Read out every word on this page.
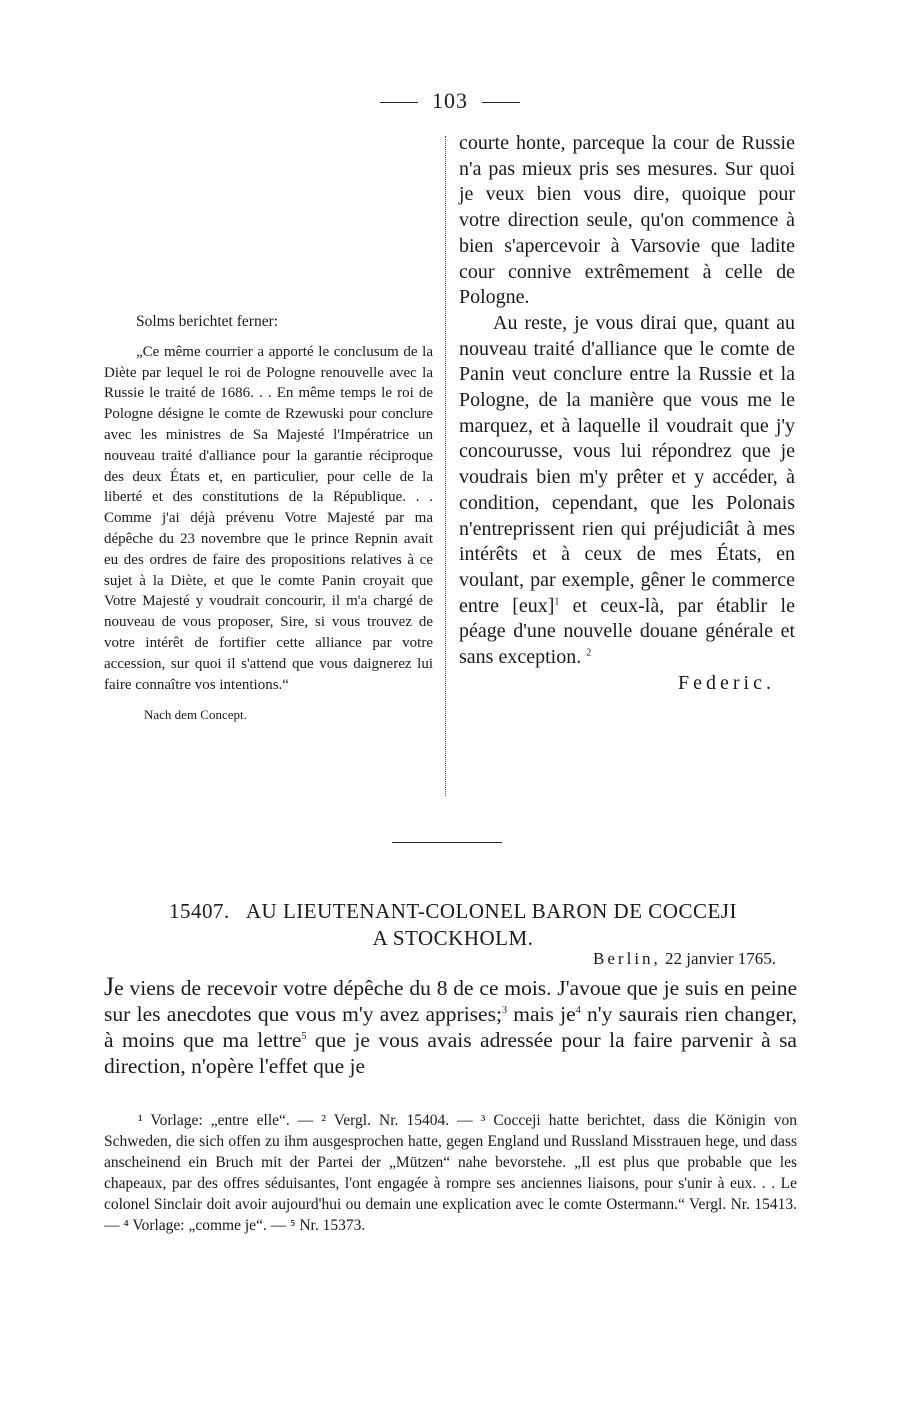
103

Solms berichtet ferner:

„Ce même courrier a apporté le conclusum de la Diète par lequel le roi de Pologne renouvelle avec la Russie le traité de 1686. . . En même temps le roi de Pologne désigne le comte de Rzewuski pour conclure avec les ministres de Sa Majesté l'Impératrice un nouveau traité d'alliance pour la garantie réciproque des deux États et, en particulier, pour celle de la liberté et des constitutions de la République. . . Comme j'ai déjà prévenu Votre Majesté par ma dépêche du 23 novembre que le prince Repnin avait eu des ordres de faire des propositions relatives à ce sujet à la Diète, et que le comte Panin croyait que Votre Majesté y voudrait concourir, il m'a chargé de nouveau de vous proposer, Sire, si vous trouvez de votre intérêt de fortifier cette alliance par votre accession, sur quoi il s'attend que vous daignerez lui faire connaître vos intentions.“

Nach dem Concept.

courte honte, parceque la cour de Russie n'a pas mieux pris ses mesures. Sur quoi je veux bien vous dire, quoique pour votre direction seule, qu'on commence à bien s'apercevoir à Varsovie que ladite cour connive extrêmement à celle de Pologne.

Au reste, je vous dirai que, quant au nouveau traité d'alliance que le comte de Panin veut conclure entre la Russie et la Pologne, de la manière que vous me le marquez, et à laquelle il voudrait que j'y concourusse, vous lui répondrez que je voudrais bien m'y prêter et y accéder, à condition, cependant, que les Polonais n'entreprissent rien qui préjudiciât à mes intérêts et à ceux de mes États, en voulant, par exemple, gêner le commerce entre [eux]$^1$ et ceux-là, par établir le péage d'une nouvelle douane générale et sans exception. $^2$

Federic.

15407. AU LIEUTENANT-COLONEL BARON DE COCCEJI
A STOCKHOLM.
Berlin, 22 janvier 1765.

Je viens de recevoir votre dépêche du 8 de ce mois. J'avoue que je suis en peine sur les anecdotes que vous m'y avez apprises;$^3$ mais $je^4$ n'y saurais rien changer, à moins que ma lettre$^5$ que je vous avais adressée pour la faire parvenir à sa direction, n'opère l'effet que je

¹ Vorlage: „entre elle“. — ² Vergl. Nr. 15404. — ³ Cocceji hatte berichtet, dass die Königin von Schweden, die sich offen zu ihm ausgesprochen hatte, gegen England und Russland Misstrauen hege, und dass anscheinend ein Bruch mit der Partei der „Mützen“ nahe bevorstehe. „Il est plus que probable que les chapeaux, par des offres séduisantes, l'ont engagée à rompre ses anciennes liaisons, pour s'unir à eux. . . Le colonel Sinclair doit avoir aujourd'hui ou demain une explication avec le comte Ostermann.“ Vergl. Nr. 15413. — ⁴ Vorlage: „comme je“. — ⁵ Nr. 15373.
